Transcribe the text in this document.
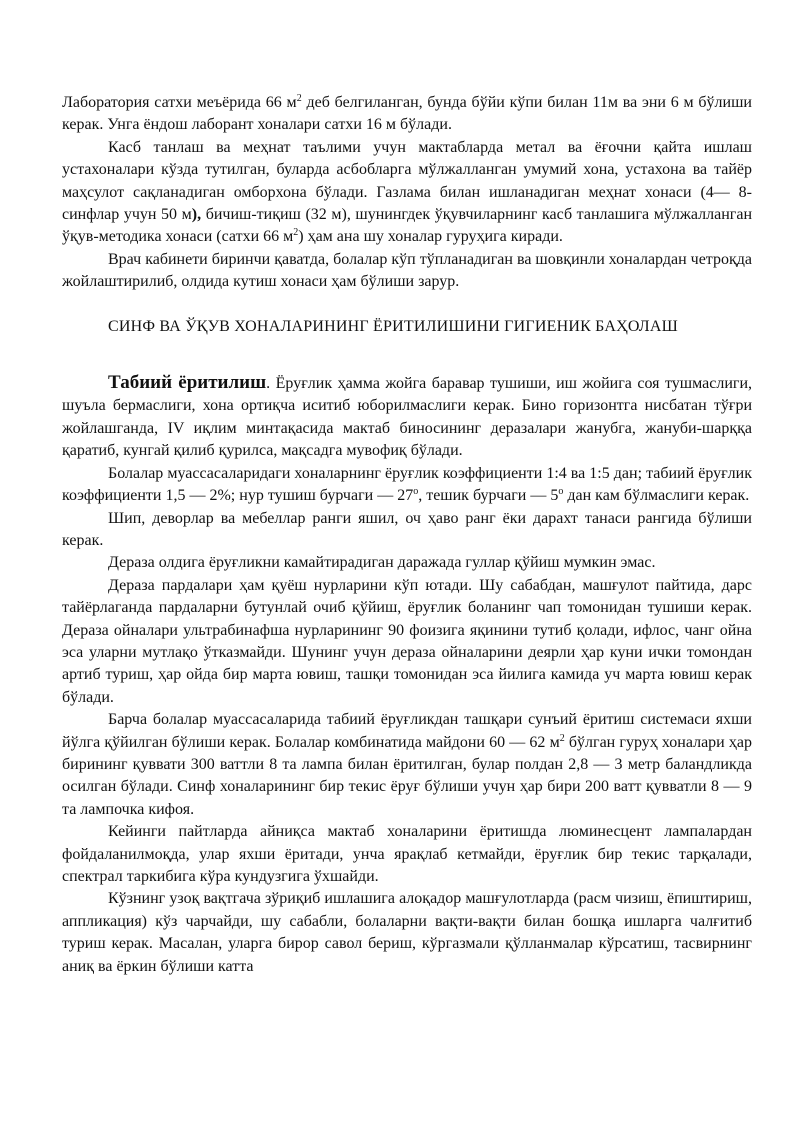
Лаборатория сатхи меъёрида 66 $м^2$ деб белгиланган, бунда бўйи кўпи билан 11м ва эни 6 м бўлиши керак. Унга ёндош лаборант хоналари сатхи 16 м бўлади.

Касб танлаш ва меҳнат таълими учун мактабларда метал ва ёғочни қайта ишлаш устахоналари кўзда тутилган, буларда асбобларга мўлжалланган умумий хона, устахона ва тайёр маҳсулот сақланадиган омборхона бўлади. Газлама билан ишланадиган меҳнат хонаси (4— 8-синфлар учун 50 м), бичиш-тиқиш (32 м), шунингдек ўқувчиларнинг касб танлашига мўлжалланган ўқув-методика хонаси (сатхи 66 $м^2$) ҳам ана шу хоналар гуруҳига киради.

Врач кабинети биринчи қаватда, болалар кўп тўпланадиган ва шовқинли хоналардан четроқда жойлаштирилиб, олдида кутиш хонаси ҳам бўлиши зарур.

СИНФ ВА ЎҚУВ ХОНАЛАРИНИНГ ЁРИТИЛИШИНИ ГИГИЕНИК БАҲОЛАШ

Табиий ёритилиш. Ёруғлик ҳамма жойга баравар тушиши, иш жойига соя тушмаслиги, шуъла бермаслиги, хона ортиқча иситиб юборилмаслиги керак. Бино горизонтга нисбатан тўғри жойлашганда, IV иқлим минтақасида мактаб биносининг деразалари жанубга, жануби-шарққа қаратиб, кунгай қилиб қурилса, мақсадга мувофиқ бўлади.

Болалар муассасаларидаги хоналарнинг ёруғлик коэффициенти 1:4 ва 1:5 дан; табиий ёруғлик коэффициенти 1,5 — 2%; нур тушиш бурчаги — 27$^o$, тешик бурчаги — 5$^o$ дан кам бўлмаслиги керак.

Шип, деворлар ва мебеллар ранги яшил, оч ҳаво ранг ёки дарахт танаси рангида бўлиши керак.

Дераза олдига ёруғликни камайтирадиган даражада гуллар қўйиш мумкин эмас.

Дераза пардалари ҳам қуёш нурларини кўп ютади. Шу сабабдан, машғулот пайтида, дарс тайёрлаганда пардаларни бутунлай очиб қўйиш, ёруғлик боланинг чап томонидан тушиши керак. Дераза ойналари ультрабинафша нурларининг 90 фоизига яқинини тутиб қолади, ифлос, чанг ойна эса уларни мутлақо ўтказмайди. Шунинг учун дераза ойналарини деярли ҳар куни ички томондан артиб туриш, ҳар ойда бир марта ювиш, ташқи томонидан эса йилига камида уч марта ювиш керак бўлади.

Барча болалар муассасаларида табиий ёруғликдан ташқари сунъий ёритиш системаси яхши йўлга қўйилган бўлиши керак. Болалар комбинатида майдони 60 — 62 $м^2$ бўлган гуруҳ хоналари ҳар бирининг қуввати 300 ваттли 8 та лампа билан ёритилган, булар полдан 2,8 — 3 метр баландликда осилган бўлади. Синф хоналарининг бир текис ёруғ бўлиши учун ҳар бири 200 ватт қувватли 8 — 9 та лампочка кифоя.

Кейинги пайтларда айниқса мактаб хоналарини ёритишда люминесцент лампалардан фойдаланилмоқда, улар яхши ёритади, унча ярақлаб кетмайди, ёруғлик бир текис тарқалади, спектрал таркибига кўра кундузгига ўхшайди.

Кўзнинг узоқ вақтгача зўриқиб ишлашига алоқадор машғулотларда (расм чизиш, ёпиштириш, аппликация) кўз чарчайди, шу сабабли, болаларни вақти-вақти билан бошқа ишларга чалғитиб туриш керак. Масалан, уларга бирор савол бериш, кўргазмали қўлланмалар кўрсатиш, тасвирнинг аниқ ва ёркин бўлиши катта
